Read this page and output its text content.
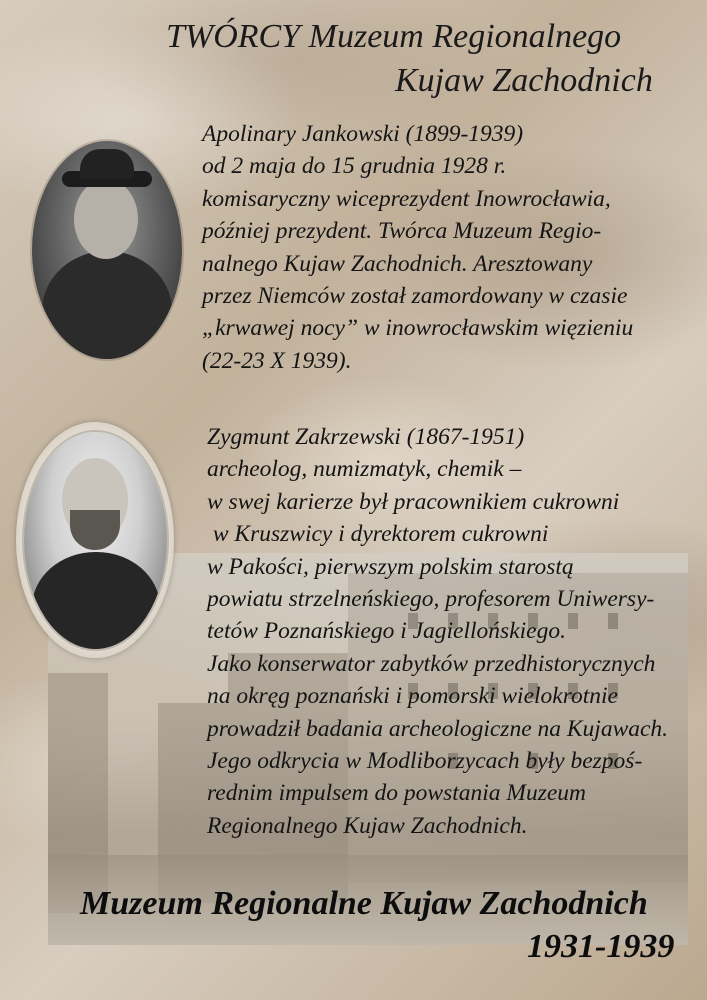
TWÓRCY Muzeum Regionalnego
Kujaw Zachodnich
Apolinary Jankowski (1899-1939)
od 2 maja do 15 grudnia 1928 r.
komisaryczny wiceprezydent Inowrocławia,
później prezydent. Twórca Muzeum Regio-
nalnego Kujaw Zachodnich. Aresztowany
przez Niemców został zamordowany w czasie
„krwawej nocy” w inowrocławskim więzieniu
(22-23 X 1939).
Zygmunt Zakrzewski (1867-1951)
archeolog, numizmatyk, chemik –
w swej karierze był pracownikiem cukrowni
w Kruszwicy i dyrektorem cukrowni
w Pakości, pierwszym polskim starostą
powiatu strzelneńskiego, profesorem Uniwersy-
tetów Poznańskiego i Jagiellońskiego.
Jako konserwator zabytków przedhistorycznych
na okręg poznański i pomorski wielokrotnie
prowadził badania archeologiczne na Kujawach.
Jego odkrycia w Modliborzycach były bezpoś-
rednim impulsem do powstania Muzeum
Regionalnego Kujaw Zachodnich.
Muzeum Regionalne Kujaw Zachodnich
1931-1939
